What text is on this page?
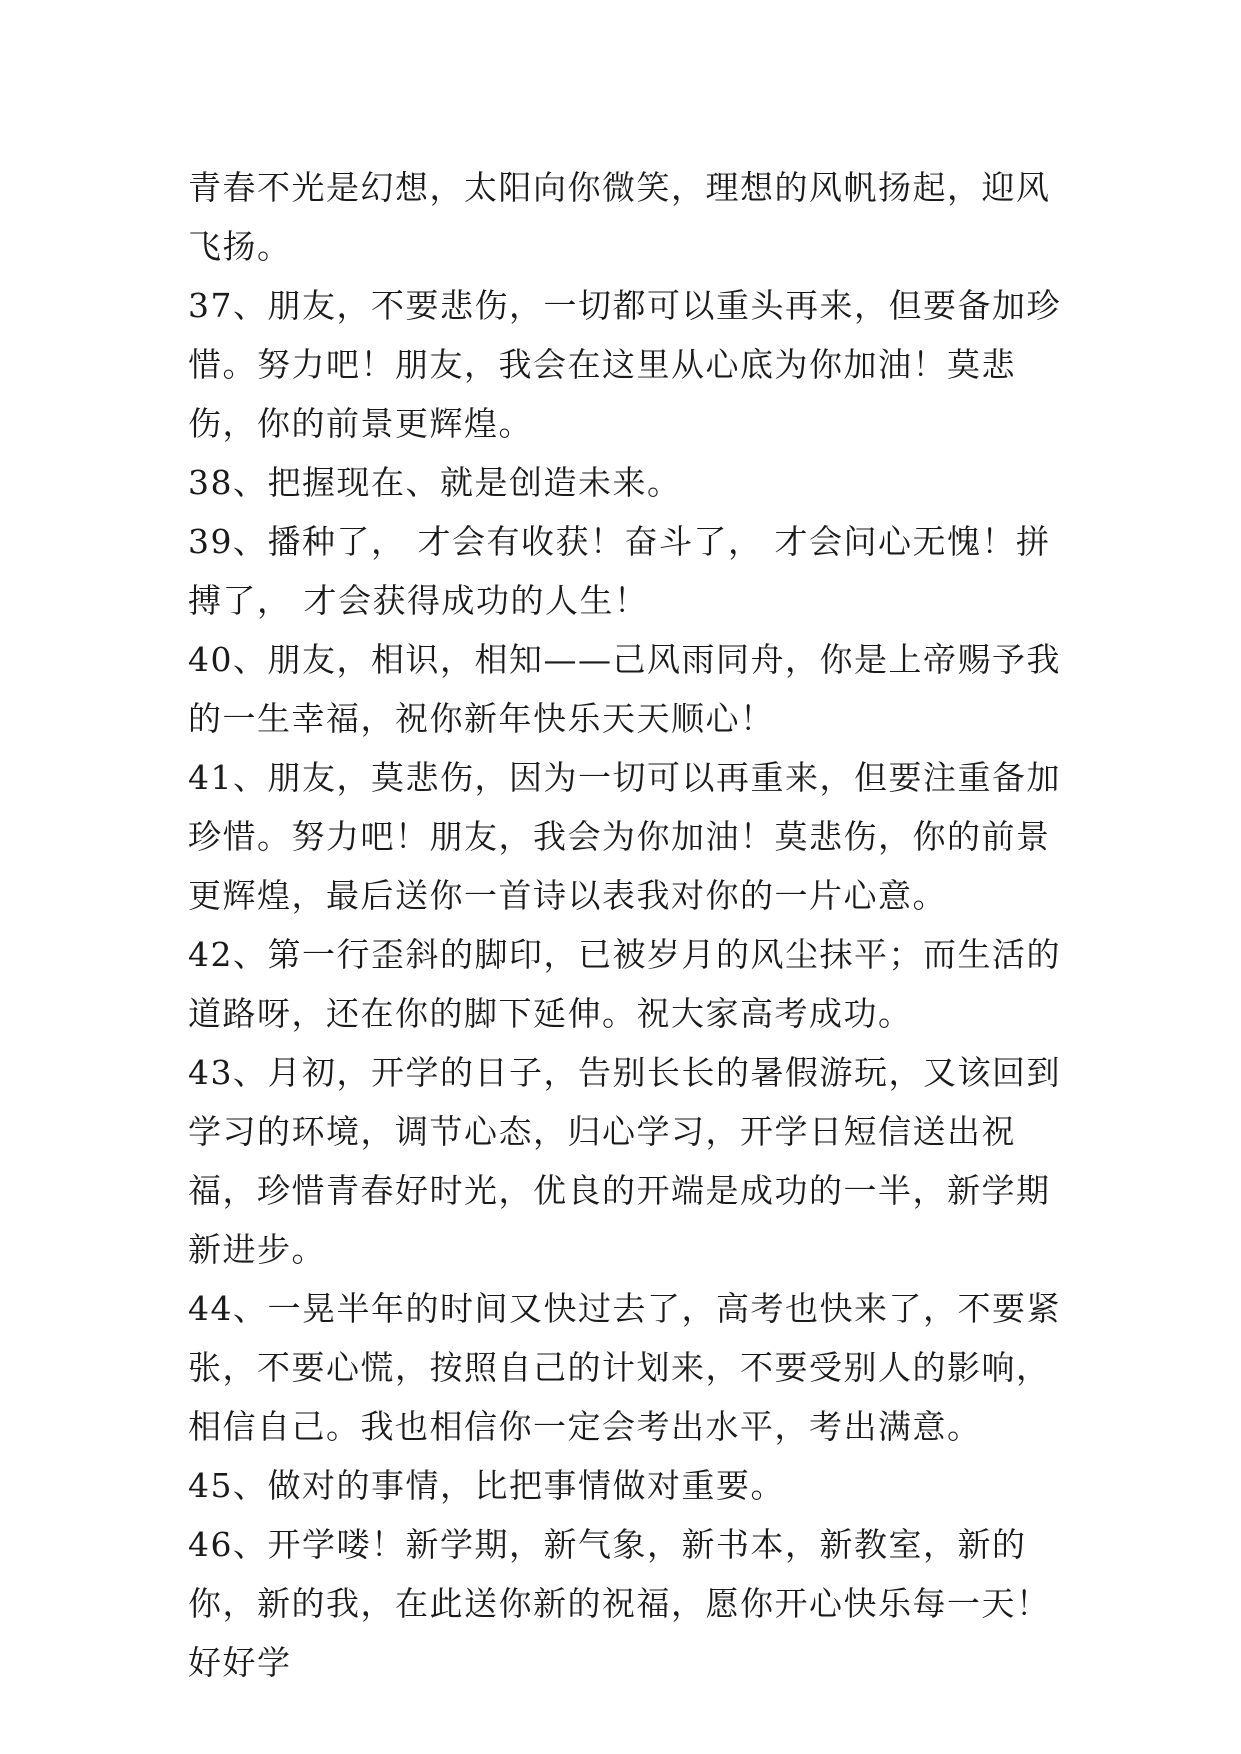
青春不光是幻想，太阳向你微笑，理想的风帆扬起，迎风飞扬。

37、朋友，不要悲伤，一切都可以重头再来，但要备加珍惜。努力吧！朋友，我会在这里从心底为你加油！莫悲伤，你的前景更辉煌。

38、把握现在、就是创造未来。

39、播种了， 才会有收获！奋斗了， 才会问心无愧！拼搏了， 才会获得成功的人生！

40、朋友，相识，相知——己风雨同舟，你是上帝赐予我的一生幸福，祝你新年快乐天天顺心！

41、朋友，莫悲伤，因为一切可以再重来，但要注重备加珍惜。努力吧！朋友，我会为你加油！莫悲伤，你的前景更辉煌，最后送你一首诗以表我对你的一片心意。

42、第一行歪斜的脚印，已被岁月的风尘抹平；而生活的道路呀，还在你的脚下延伸。祝大家高考成功。

43、月初，开学的日子，告别长长的暑假游玩，又该回到学习的环境，调节心态，归心学习，开学日短信送出祝福，珍惜青春好时光，优良的开端是成功的一半，新学期新进步。

44、一晃半年的时间又快过去了，高考也快来了，不要紧张，不要心慌，按照自己的计划来，不要受别人的影响，相信自己。我也相信你一定会考出水平，考出满意。

45、做对的事情，比把事情做对重要。

46、开学喽！新学期，新气象，新书本，新教室，新的你，新的我，在此送你新的祝福，愿你开心快乐每一天！好好学
